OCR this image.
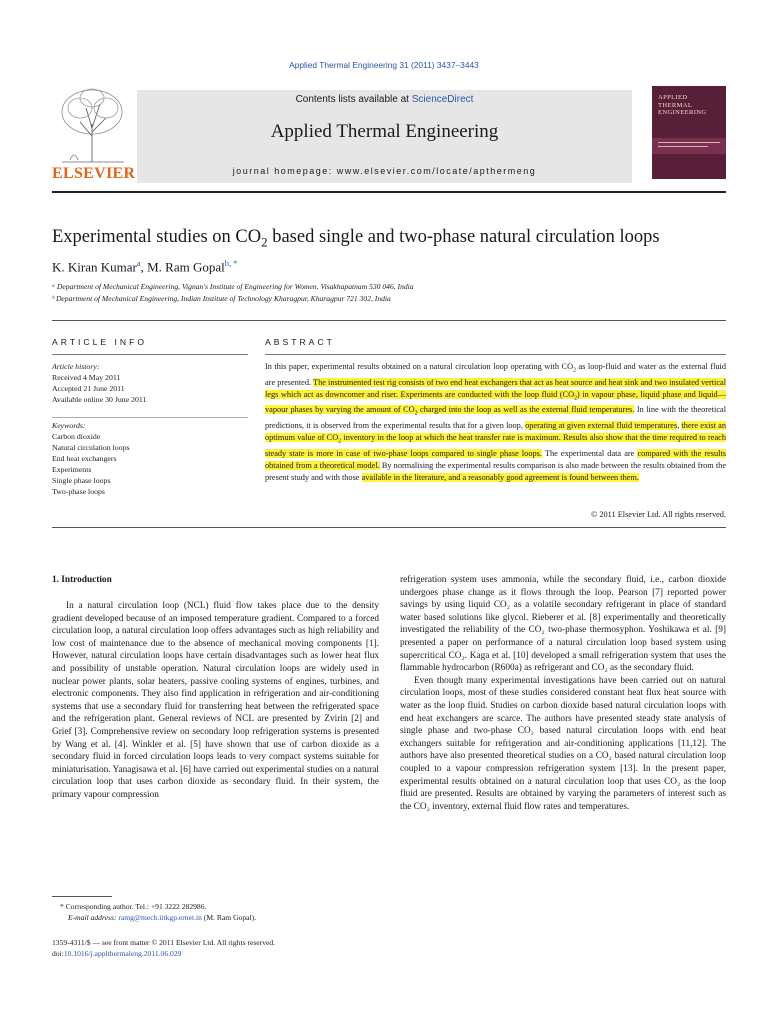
Applied Thermal Engineering 31 (2011) 3437–3443
ELSEVIER
Contents lists available at ScienceDirect
Applied Thermal Engineering
journal homepage: www.elsevier.com/locate/apthermeng
APPLIED
THERMAL
ENGINEERING
Experimental studies on $CO_2$ based single and two-phase natural circulation loops
K. Kiran Kumar$^a$, M. Ram Gopal$^{b, *}$
ᵃ Department of Mechanical Engineering, Vignan's Institute of Engineering for Women, Visakhapatnam 530 046, India
ᵇ Department of Mechanical Engineering, Indian Institute of Technology Kharagpur, Kharagpur 721 302, India
ARTICLE INFO
Article history:
Received 4 May 2011
Accepted 21 June 2011
Available online 30 June 2011
Keywords:
Carbon dioxide
Natural circulation loops
End heat exchangers
Experiments
Single phase loops
Two-phase loops
ABSTRACT
In this paper, experimental results obtained on a natural circulation loop operating with $CO_2$ as loop-fluid and water as the external fluid are presented. The instrumented test rig consists of two end heat exchangers that act as heat source and heat sink and two insulated vertical legs which act as downcomer and riser. Experiments are conducted with the loop fluid $(CO_2)$ in vapour phase, liquid phase and liquid—vapour phases by varying the amount of $CO_2$ charged into the loop as well as the external fluid temperatures. In line with the theoretical predictions, it is observed from the experimental results that for a given loop, operating at given external fluid temperatures, there exist an optimum value of $CO_2$ inventory in the loop at which the heat transfer rate is maximum. Results also show that the time required to reach steady state is more in case of two-phase loops compared to single phase loops. The experimental data are compared with the results obtained from a theoretical model. By normalising the experimental results comparison is also made between the results obtained from the present study and with those available in the literature, and a reasonably good agreement is found between them.
© 2011 Elsevier Ltd. All rights reserved.
1. Introduction

In a natural circulation loop (NCL) fluid flow takes place due to the density gradient developed because of an imposed temperature gradient. Compared to a forced circulation loop, a natural circulation loop offers advantages such as high reliability and low cost of maintenance due to the absence of mechanical moving components [1]. However, natural circulation loops have certain disadvantages such as lower heat flux and possibility of unstable operation. Natural circulation loops are widely used in nuclear power plants, solar heaters, passive cooling systems of engines, turbines, and electronic components. They also find application in refrigeration and air-conditioning systems that use a secondary fluid for transferring heat between the refrigerated space and the refrigeration plant. General reviews of NCL are presented by Zvirin [2] and Grief [3]. Comprehensive review on secondary loop refrigeration systems is presented by Wang et al. [4]. Winkler et al. [5] have shown that use of carbon dioxide as a secondary fluid in forced circulation loops leads to very compact systems suitable for miniaturisation. Yanagisawa et al. [6] have carried out experimental studies on a natural circulation loop that uses carbon dioxide as secondary fluid. In their system, the primary vapour compression

refrigeration system uses ammonia, while the secondary fluid, i.e., carbon dioxide undergoes phase change as it flows through the loop. Pearson [7] reported power savings by using liquid CO₂ as a volatile secondary refrigerant in place of standard water based solutions like glycol. Rieberer et al. [8] experimentally and theoretically investigated the reliability of the CO₂ two-phase thermosyphon. Yoshikawa et al. [9] presented a paper on performance of a natural circulation loop based system using supercritical CO₂. Kaga et al. [10] developed a small refrigeration system that uses the flammable hydrocarbon (R600a) as refrigerant and CO₂ as the secondary fluid.

Even though many experimental investigations have been carried out on natural circulation loops, most of these studies considered constant heat flux heat source with water as the loop fluid. Studies on carbon dioxide based natural circulation loops with end heat exchangers are scarce. The authors have presented steady state analysis of single phase and two-phase CO₂ based natural circulation loops with end heat exchangers suitable for refrigeration and air-conditioning applications [11,12]. The authors have also presented theoretical studies on a CO₂ based natural circulation loop coupled to a vapour compression refrigeration system [13]. In the present paper, experimental results obtained on a natural circulation loop that uses CO₂ as the loop fluid are presented. Results are obtained by varying the parameters of interest such as the CO₂ inventory, external fluid flow rates and temperatures.

* Corresponding author. Tel.: +91 3222 282986.
E-mail address: ramg@mech.iitkgp.ernet.in (M. Ram Gopal).
1359-4311/$ — see front matter © 2011 Elsevier Ltd. All rights reserved.
doi:10.1016/j.applthermaleng.2011.06.029
